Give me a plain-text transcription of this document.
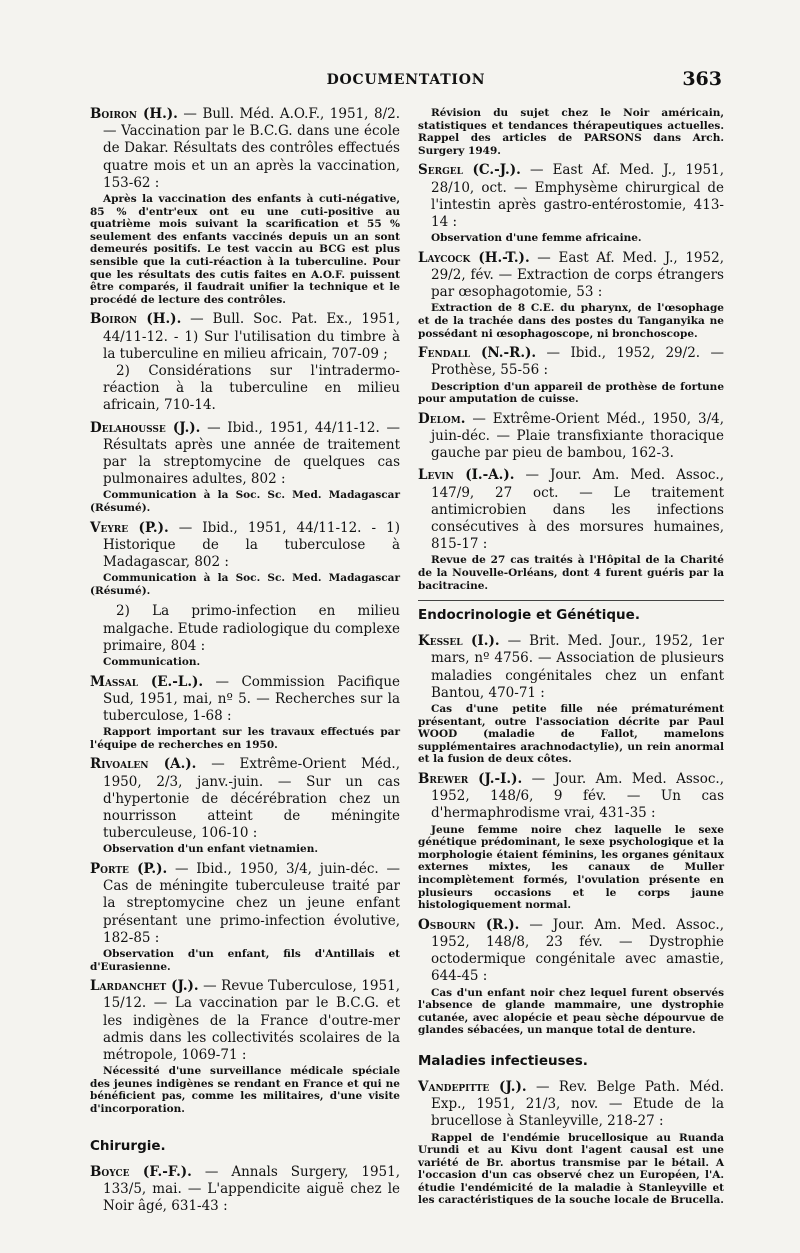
DOCUMENTATION	363
Boiron (H.). — Bull. Méd. A.O.F., 1951, 8/2. — Vaccination par le B.C.G. dans une école de Dakar. Résultats des contrôles effectués quatre mois et un an après la vaccination, 153-62 :
Après la vaccination des enfants à cuti-négative, 85 % d'entr'eux ont eu une cuti-positive au quatrième mois suivant la scarification et 55 % seulement des enfants vaccinés depuis un an sont demeurés positifs. Le test vaccin au BCG est plus sensible que la cuti-réaction à la tuberculine. Pour que les résultats des cutis faites en A.O.F. puissent être comparés, il faudrait unifier la technique et le procédé de lecture des contrôles.
Boiron (H.). — Bull. Soc. Pat. Ex., 1951, 44/11-12. - 1) Sur l'utilisation du timbre à la tuberculine en milieu africain, 707-09 ;
2) Considérations sur l'intradermo-réaction à la tuberculine en milieu africain, 710-14.
Delahousse (J.). — Ibid., 1951, 44/11-12. — Résultats après une année de traitement par la streptomycine de quelques cas pulmonaires adultes, 802 :
Communication à la Soc. Sc. Med. Madagascar (Résumé).
Veyre (P.). — Ibid., 1951, 44/11-12. - 1) Historique de la tuberculose à Madagascar, 802 :
Communication à la Soc. Sc. Med. Madagascar (Résumé).
2) La primo-infection en milieu malgache. Etude radiologique du complexe primaire, 804 :
Communication.
Massal (E.-L.). — Commission Pacifique Sud, 1951, mai, nº 5. — Recherches sur la tuberculose, 1-68 :
Rapport important sur les travaux effectués par l'équipe de recherches en 1950.
Rivoalen (A.). — Extrême-Orient Méd., 1950, 2/3, janv.-juin. — Sur un cas d'hypertonie de décérébration chez un nourrisson atteint de méningite tuberculeuse, 106-10 :
Observation d'un enfant vietnamien.
Porte (P.). — Ibid., 1950, 3/4, juin-déc. — Cas de méningite tuberculeuse traité par la streptomycine chez un jeune enfant présentant une primo-infection évolutive, 182-85 :
Observation d'un enfant, fils d'Antillais et d'Eurasienne.
Lardanchet (J.). — Revue Tuberculose, 1951, 15/12. — La vaccination par le B.C.G. et les indigènes de la France d'outre-mer admis dans les collectivités scolaires de la métropole, 1069-71 :
Nécessité d'une surveillance médicale spéciale des jeunes indigènes se rendant en France et qui ne bénéficient pas, comme les militaires, d'une visite d'incorporation.
Chirurgie.
Boyce (F.-F.). — Annals Surgery, 1951, 133/5, mai. — L'appendicite aiguë chez le Noir âgé, 631-43 :
Révision du sujet chez le Noir américain, statistiques et tendances thérapeutiques actuelles. Rappel des articles de PARSONS dans Arch. Surgery 1949.
Sergel (C.-J.). — East Af. Med. J., 1951, 28/10, oct. — Emphysème chirurgical de l'intestin après gastro-entérostomie, 413-14 :
Observation d'une femme africaine.
Laycock (H.-T.). — East Af. Med. J., 1952, 29/2, fév. — Extraction de corps étrangers par œsophagotomie, 53 :
Extraction de 8 C.E. du pharynx, de l'œsophage et de la trachée dans des postes du Tanganyika ne possédant ni œsophagoscope, ni bronchoscope.
Fendall (N.-R.). — Ibid., 1952, 29/2. — Prothèse, 55-56 :
Description d'un appareil de prothèse de fortune pour amputation de cuisse.
Delom. — Extrême-Orient Méd., 1950, 3/4, juin-déc. — Plaie transfixiante thoracique gauche par pieu de bambou, 162-3.
Levin (I.-A.). — Jour. Am. Med. Assoc., 147/9, 27 oct. — Le traitement antimicrobien dans les infections consécutives à des morsures humaines, 815-17 :
Revue de 27 cas traités à l'Hôpital de la Charité de la Nouvelle-Orléans, dont 4 furent guéris par la bacitracine.
Endocrinologie et Génétique.
Kessel (I.). — Brit. Med. Jour., 1952, 1er mars, nº 4756. — Association de plusieurs maladies congénitales chez un enfant Bantou, 470-71 :
Cas d'une petite fille née prématurément présentant, outre l'association décrite par Paul WOOD (maladie de Fallot, mamelons supplémentaires arachnodactylie), un rein anormal et la fusion de deux côtes.
Brewer (J.-I.). — Jour. Am. Med. Assoc., 1952, 148/6, 9 fév. — Un cas d'hermaphrodisme vrai, 431-35 :
Jeune femme noire chez laquelle le sexe génétique prédominant, le sexe psychologique et la morphologie étaient féminins, les organes génitaux externes mixtes, les canaux de Muller incomplètement formés, l'ovulation présente en plusieurs occasions et le corps jaune histologiquement normal.
Osbourn (R.). — Jour. Am. Med. Assoc., 1952, 148/8, 23 fév. — Dystrophie octodermique congénitale avec amastie, 644-45 :
Cas d'un enfant noir chez lequel furent observés l'absence de glande mammaire, une dystrophie cutanée, avec alopécie et peau sèche dépourvue de glandes sébacées, un manque total de denture.
Maladies infectieuses.
Vandepitte (J.). — Rev. Belge Path. Méd. Exp., 1951, 21/3, nov. — Etude de la brucellose à Stanleyville, 218-27 :
Rappel de l'endémie brucellosique au Ruanda Urundi et au Kivu dont l'agent causal est une variété de Br. abortus transmise par le bétail. A l'occasion d'un cas observé chez un Européen, l'A. étudie l'endémicité de la maladie à Stanleyville et les caractéristiques de la souche locale de Brucella.
